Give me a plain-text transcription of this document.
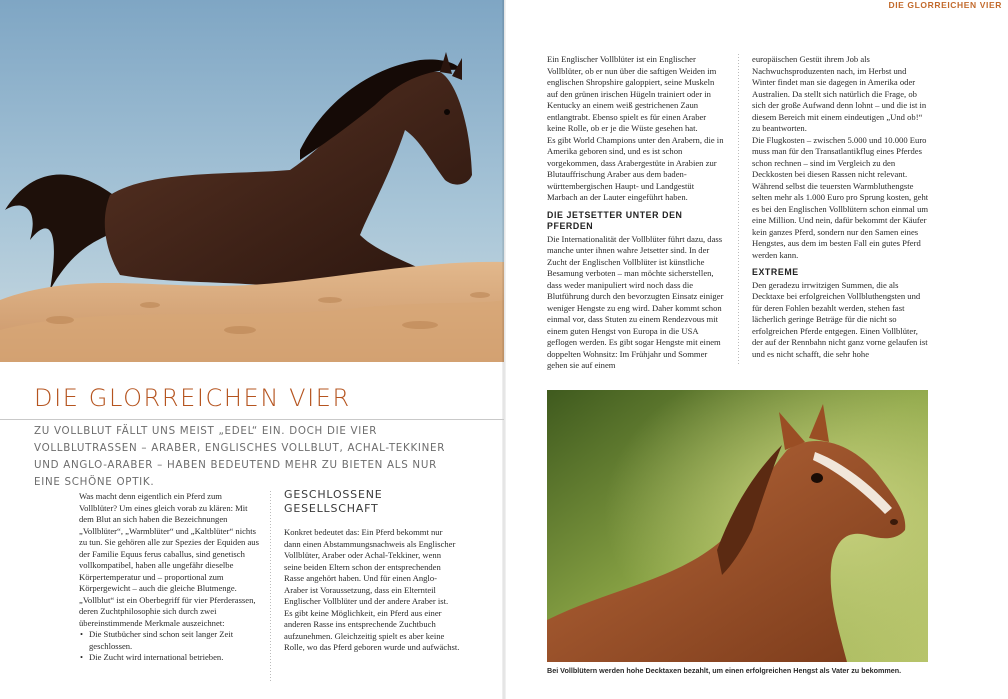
DIE GLORREICHEN VIER
DIE GLORREICHEN VIER
ZU VOLLBLUT FÄLLT UNS MEIST „EDEL“ EIN. DOCH DIE VIER VOLLBLUTRASSEN – ARABER, ENGLISCHES VOLLBLUT, ACHAL-TEKKINER UND ANGLO-ARABER – HABEN BEDEUTEND MEHR ZU BIETEN ALS NUR EINE SCHÖNE OPTIK.

Was macht denn eigentlich ein Pferd zum Vollblüter? Um eines gleich vorab zu klären: Mit dem Blut an sich haben die Bezeichnungen „Vollblüter“, „Warmblüter“ und „Kaltblüter“ nichts zu tun. Sie gehören alle zur Spezies der Equiden aus der Familie Equus ferus caballus, sind genetisch vollkompatibel, haben alle ungefähr dieselbe Körpertemperatur und – proportional zum Körpergewicht – auch die gleiche Blutmenge.

„Vollblut“ ist ein Oberbegriff für vier Pferderassen, deren Zuchtphilosophie sich durch zwei übereinstimmende Merkmale auszeichnet:

• Die Stutbücher sind schon seit langer Zeit geschlossen.
• Die Zucht wird international betrieben.
GESCHLOSSENE GESELLSCHAFT

Konkret bedeutet das: Ein Pferd bekommt nur dann einen Abstammungsnachweis als Englischer Vollblüter, Araber oder Achal-Tekkiner, wenn seine beiden Eltern schon der entsprechenden Rasse angehört haben. Und für einen Anglo-Araber ist Voraussetzung, dass ein Elternteil Englischer Vollblüter und der andere Araber ist.

Es gibt keine Möglichkeit, ein Pferd aus einer anderen Rasse ins entsprechende Zuchtbuch aufzunehmen. Gleichzeitig spielt es aber keine Rolle, wo das Pferd geboren wurde und aufwächst.

Ein Englischer Vollblüter ist ein Englischer Vollblüter, ob er nun über die saftigen Weiden im englischen Shropshire galoppiert, seine Muskeln auf den grünen irischen Hügeln trainiert oder in Kentucky an einem weiß gestrichenen Zaun entlangtrabt. Ebenso spielt es für einen Araber keine Rolle, ob er je die Wüste gesehen hat.

Es gibt World Champions unter den Arabern, die in Amerika geboren sind, und es ist schon vorgekommen, dass Arabergestüte in Arabien zur Blutauffrischung Araber aus dem baden-württembergischen Haupt- und Landgestüt Marbach an der Lauter eingeführt haben.

DIE JETSETTER UNTER DEN PFERDEN

Die Internationalität der Vollblüter führt dazu, dass manche unter ihnen wahre Jetsetter sind. In der Zucht der Englischen Vollblüter ist künstliche Besamung verboten – man möchte sicherstellen, dass weder manipuliert wird noch dass die Blutführung durch den bevorzugten Einsatz einiger weniger Hengste zu eng wird. Daher kommt schon einmal vor, dass Stuten zu einem Rendezvous mit einem guten Hengst von Europa in die USA geflogen werden. Es gibt sogar Hengste mit einem doppelten Wohnsitz: Im Frühjahr und Sommer gehen sie auf einem

europäischen Gestüt ihrem Job als Nachwuchsproduzenten nach, im Herbst und Winter findet man sie dagegen in Amerika oder Australien. Da stellt sich natürlich die Frage, ob sich der große Aufwand denn lohnt – und die ist in diesem Bereich mit einem eindeutigen „Und ob!“ zu beantworten.

Die Flugkosten – zwischen 5.000 und 10.000 Euro muss man für den Transatlantikflug eines Pferdes schon rechnen – sind im Vergleich zu den Deckkosten bei diesen Rassen nicht relevant. Während selbst die teuersten Warmbluthengste selten mehr als 1.000 Euro pro Sprung kosten, geht es bei den Englischen Vollblütern schon einmal um eine Million. Und nein, dafür bekommt der Käufer kein ganzes Pferd, sondern nur den Samen eines Hengstes, aus dem im besten Fall ein gutes Pferd werden kann.

EXTREME

Den geradezu irrwitzigen Summen, die als Decktaxe bei erfolgreichen Vollbluthengsten und für deren Fohlen bezahlt werden, stehen fast lächerlich geringe Beträge für die nicht so erfolgreichen Pferde entgegen. Einen Vollblüter, der auf der Rennbahn nicht ganz vorne gelaufen ist und es nicht schafft, die sehr hohe

Bei Vollblütern werden hohe Decktaxen bezahlt, um einen erfolgreichen Hengst als Vater zu bekommen.
